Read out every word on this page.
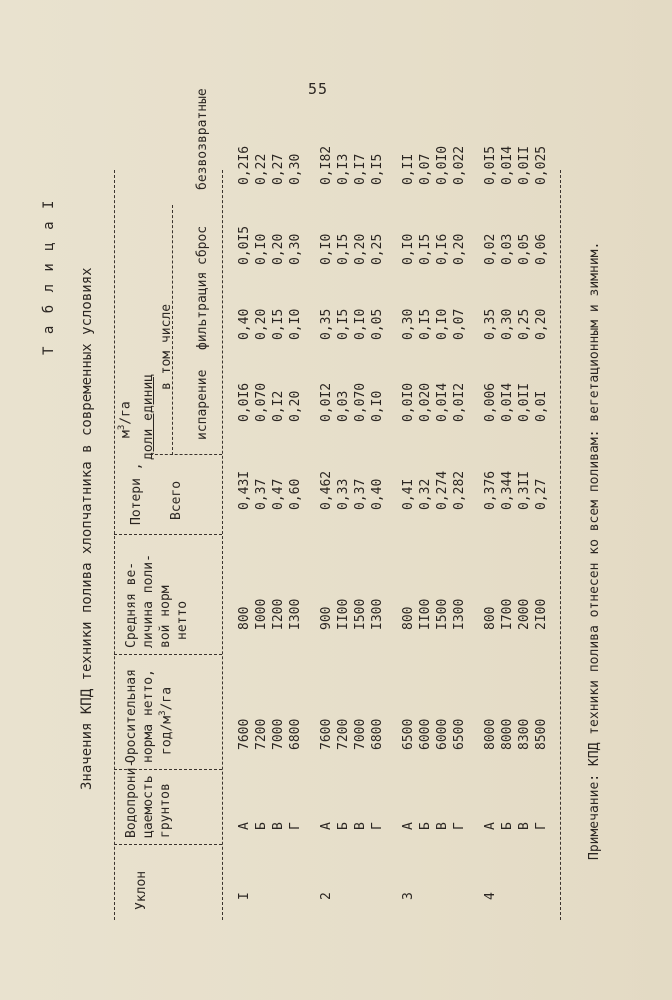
55
Т а б л и ц а I Значения КПД техники полива хлопчатника в современных условиях
Уклон
Водопрони- цаемость грунтов
Оросительная норма нетто, год/$м^3/га$
Средняя ве- личина поли- вой норм нетто
Потери ,
$м^3/га$ доли единиц
Всего
в том числе
испарение
фильтрация
сброс
безвозвратные
I
А
7600
800
0,43I
0,0I6
0,40
0,0I5
0,2I6
Б
7200
I000
0,37
0,070
0,20
0,I0
0,22
В
7000
I200
0,47
0,I2
0,I5
0,20
0,27
Г
6800
I300
0,60
0,20
0,I0
0,30
0,30
2
А
7600
900
0,462
0,0I2
0,35
0,I0
0,I82
Б
7200
II00
0,33
0,03
0,I5
0,I5
0,I3
В
7000
I500
0,37
0,070
0,I0
0,20
0,I7
Г
6800
I300
0,40
0,I0
0,05
0,25
0,I5
3
А
6500
800
0,4I
0,0I0
0,30
0,I0
0,II
Б
6000
II00
0,32
0,020
0,I5
0,I5
0,07
В
6000
I500
0,274
0,0I4
0,I0
0,I6
0,0I0
Г
6500
I300
0,282
0,0I2
0,07
0,20
0,022
4
А
8000
800
0,376
0,006
0,35
0,02
0,0I5
Б
8000
I700
0,344
0,0I4
0,30
0,03
0,0I4
В
8300
2000
0,3II
0,0II
0,25
0,05
0,0II
Г
8500
2I00
0,27
0,0I
0,20
0,06
0,025
Примечание: КПД техники полива отнесен ко всем поливам: вегетационным и зимним.
